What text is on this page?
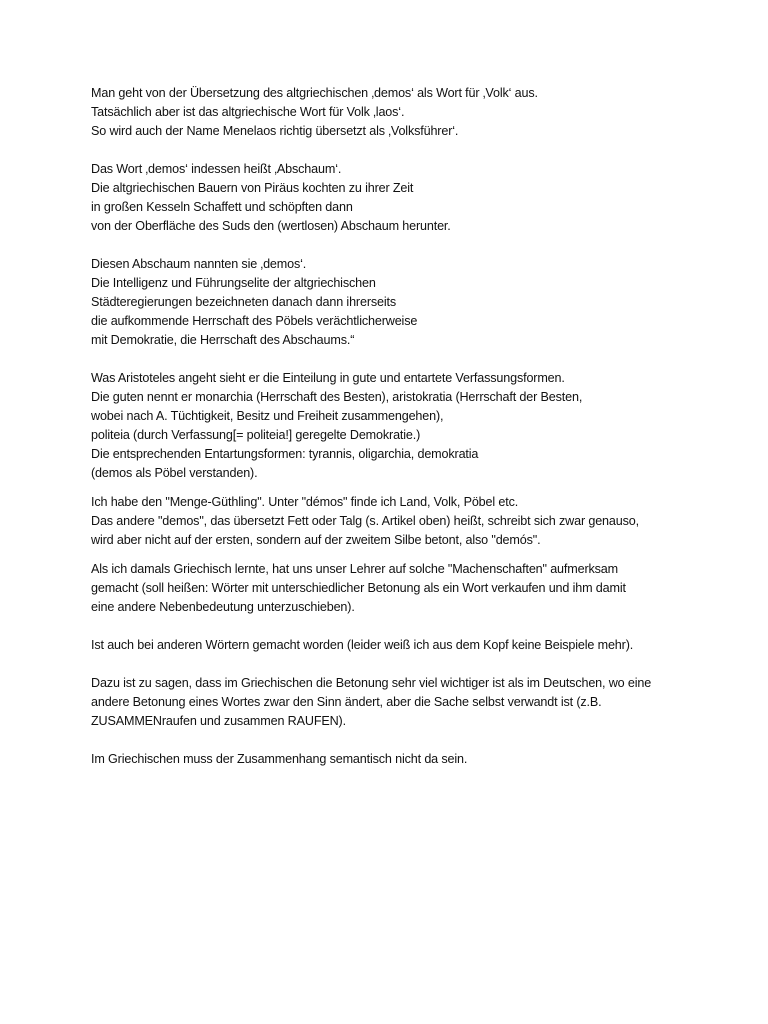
Man geht von der Übersetzung des altgriechischen ‚demos‘ als Wort für ‚Volk‘ aus.
Tatsächlich aber ist das altgriechische Wort für Volk ‚laos‘.
So wird auch der Name Menelaos richtig übersetzt als ‚Volksführer‘.
Das Wort ‚demos‘ indessen heißt ‚Abschaum‘.
Die altgriechischen Bauern von Piräus kochten zu ihrer Zeit
in großen Kesseln Schaffett und schöpften dann
von der Oberfläche des Suds den (wertlosen) Abschaum herunter.
Diesen Abschaum nannten sie ‚demos‘.
Die Intelligenz und Führungselite der altgriechischen
Städteregierungen bezeichneten danach dann ihrerseits
die aufkommende Herrschaft des Pöbels verächtlicherweise
mit Demokratie, die Herrschaft des Abschaums.“
Was Aristoteles angeht sieht er die Einteilung in gute und entartete Verfassungsformen.
Die guten nennt er monarchia (Herrschaft des Besten), aristokratia (Herrschaft der Besten,
wobei nach A. Tüchtigkeit, Besitz und Freiheit zusammengehen),
politeia (durch Verfassung[= politeia!] geregelte Demokratie.)
Die entsprechenden Entartungsformen: tyrannis, oligarchia, demokratia
(demos als Pöbel verstanden).
Ich habe den "Menge-Güthling". Unter "démos" finde ich Land, Volk, Pöbel etc.
Das andere "demos", das übersetzt Fett oder Talg (s. Artikel oben) heißt, schreibt sich zwar genauso,
wird aber nicht auf der ersten, sondern auf der zweitem Silbe betont, also "demós".
Als ich damals Griechisch lernte, hat uns unser Lehrer auf solche "Machenschaften" aufmerksam
gemacht (soll heißen: Wörter mit unterschiedlicher Betonung als ein Wort verkaufen und ihm damit
eine andere Nebenbedeutung unterzuschieben).
Ist auch bei anderen Wörtern gemacht worden (leider weiß ich aus dem Kopf keine Beispiele mehr).
Dazu ist zu sagen, dass im Griechischen die Betonung sehr viel wichtiger ist als im Deutschen, wo eine
andere Betonung eines Wortes zwar den Sinn ändert, aber die Sache selbst verwandt ist (z.B.
ZUSAMMENraufen und zusammen RAUFEN).
Im Griechischen muss der Zusammenhang semantisch nicht da sein.
